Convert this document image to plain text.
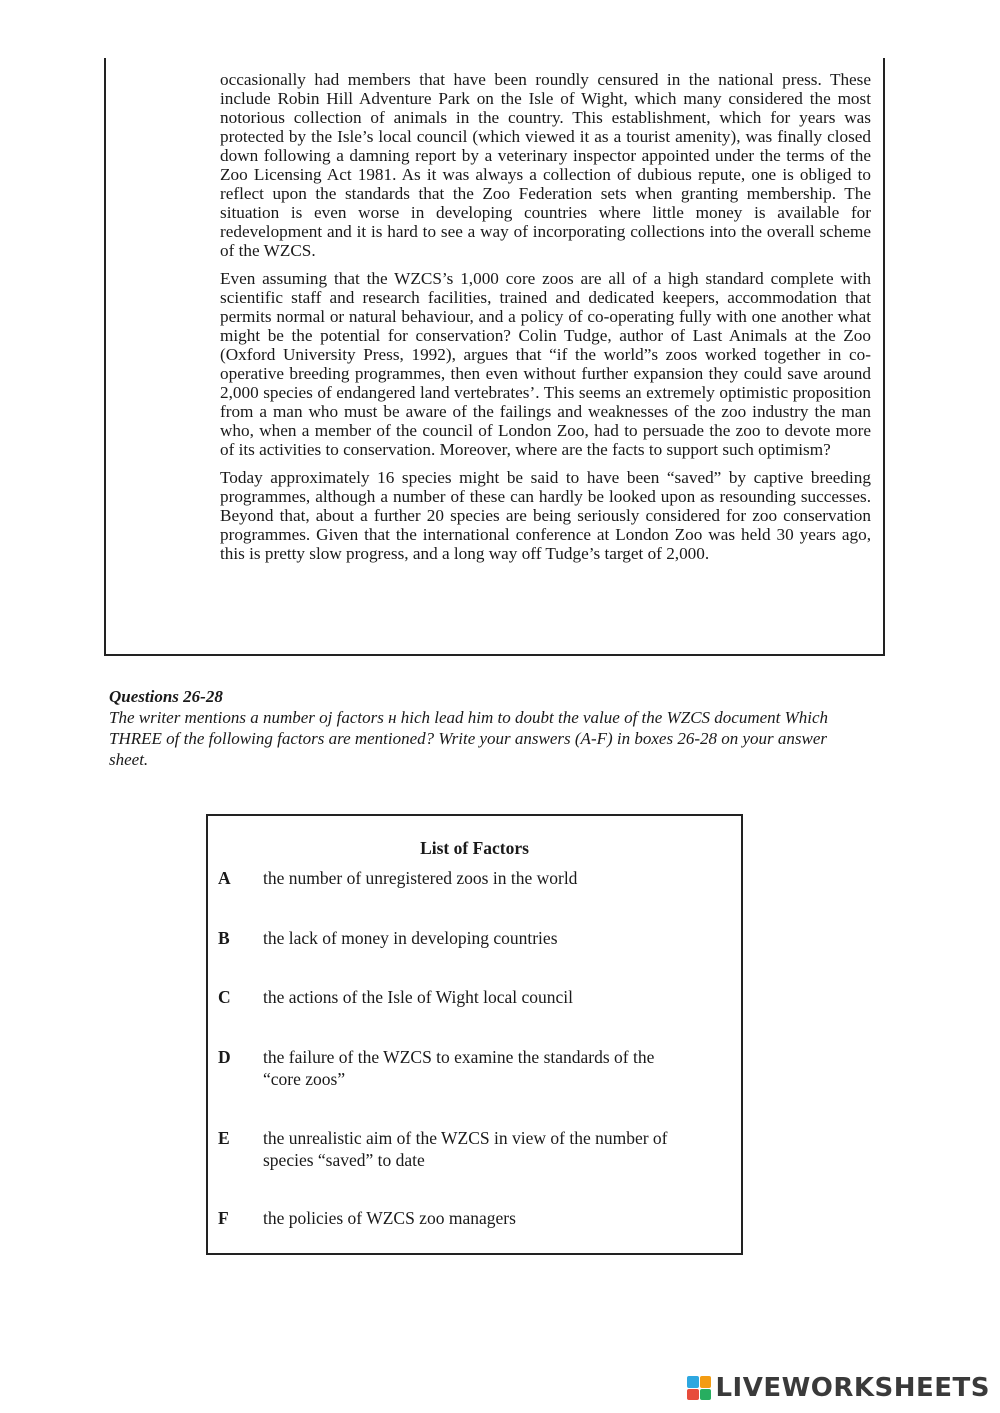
occasionally had members that have been roundly censured in the national press. These include Robin Hill Adventure Park on the Isle of Wight, which many considered the most notorious collection of animals in the country. This establishment, which for years was protected by the Isle’s local council (which viewed it as a tourist amenity), was finally closed down following a damning report by a veterinary inspector appointed under the terms of the Zoo Licensing Act 1981. As it was always a collection of dubious repute, one is obliged to reflect upon the standards that the Zoo Federation sets when granting membership. The situation is even worse in developing countries where little money is available for redevelopment and it is hard to see a way of incorporating collections into the overall scheme of the WZCS.

Even assuming that the WZCS’s 1,000 core zoos are all of a high standard complete with scientific staff and research facilities, trained and dedicated keepers, accommodation that permits normal or natural behaviour, and a policy of co-operating fully with one another what might be the potential for conservation? Colin Tudge, author of Last Animals at the Zoo (Oxford University Press, 1992), argues that “if the world”s zoos worked together in co-operative breeding programmes, then even without further expansion they could save around 2,000 species of endangered land vertebrates’. This seems an extremely optimistic proposition from a man who must be aware of the failings and weaknesses of the zoo industry the man who, when a member of the council of London Zoo, had to persuade the zoo to devote more of its activities to conservation. Moreover, where are the facts to support such optimism?

Today approximately 16 species might be said to have been “saved” by captive breeding programmes, although a number of these can hardly be looked upon as resounding successes. Beyond that, about a further 20 species are being seriously considered for zoo conservation programmes. Given that the international conference at London Zoo was held 30 years ago, this is pretty slow progress, and a long way off Tudge’s target of 2,000.

Questions 26-28

The writer mentions a number oj factors н hich lead him to doubt the value of the WZCS document Which THREE of the following factors are mentioned? Write your answers (A-F) in boxes 26-28 on your answer sheet.

List of Factors
A	the number of unregistered zoos in the world
B	the lack of money in developing countries
C	the actions of the Isle of Wight local council
D	the failure of the WZCS to examine the standards of the “core zoos”
E	the unrealistic aim of the WZCS in view of the number of species “saved” to date
F	the policies of WZCS zoo managers
LIVEWORKSHEETS
